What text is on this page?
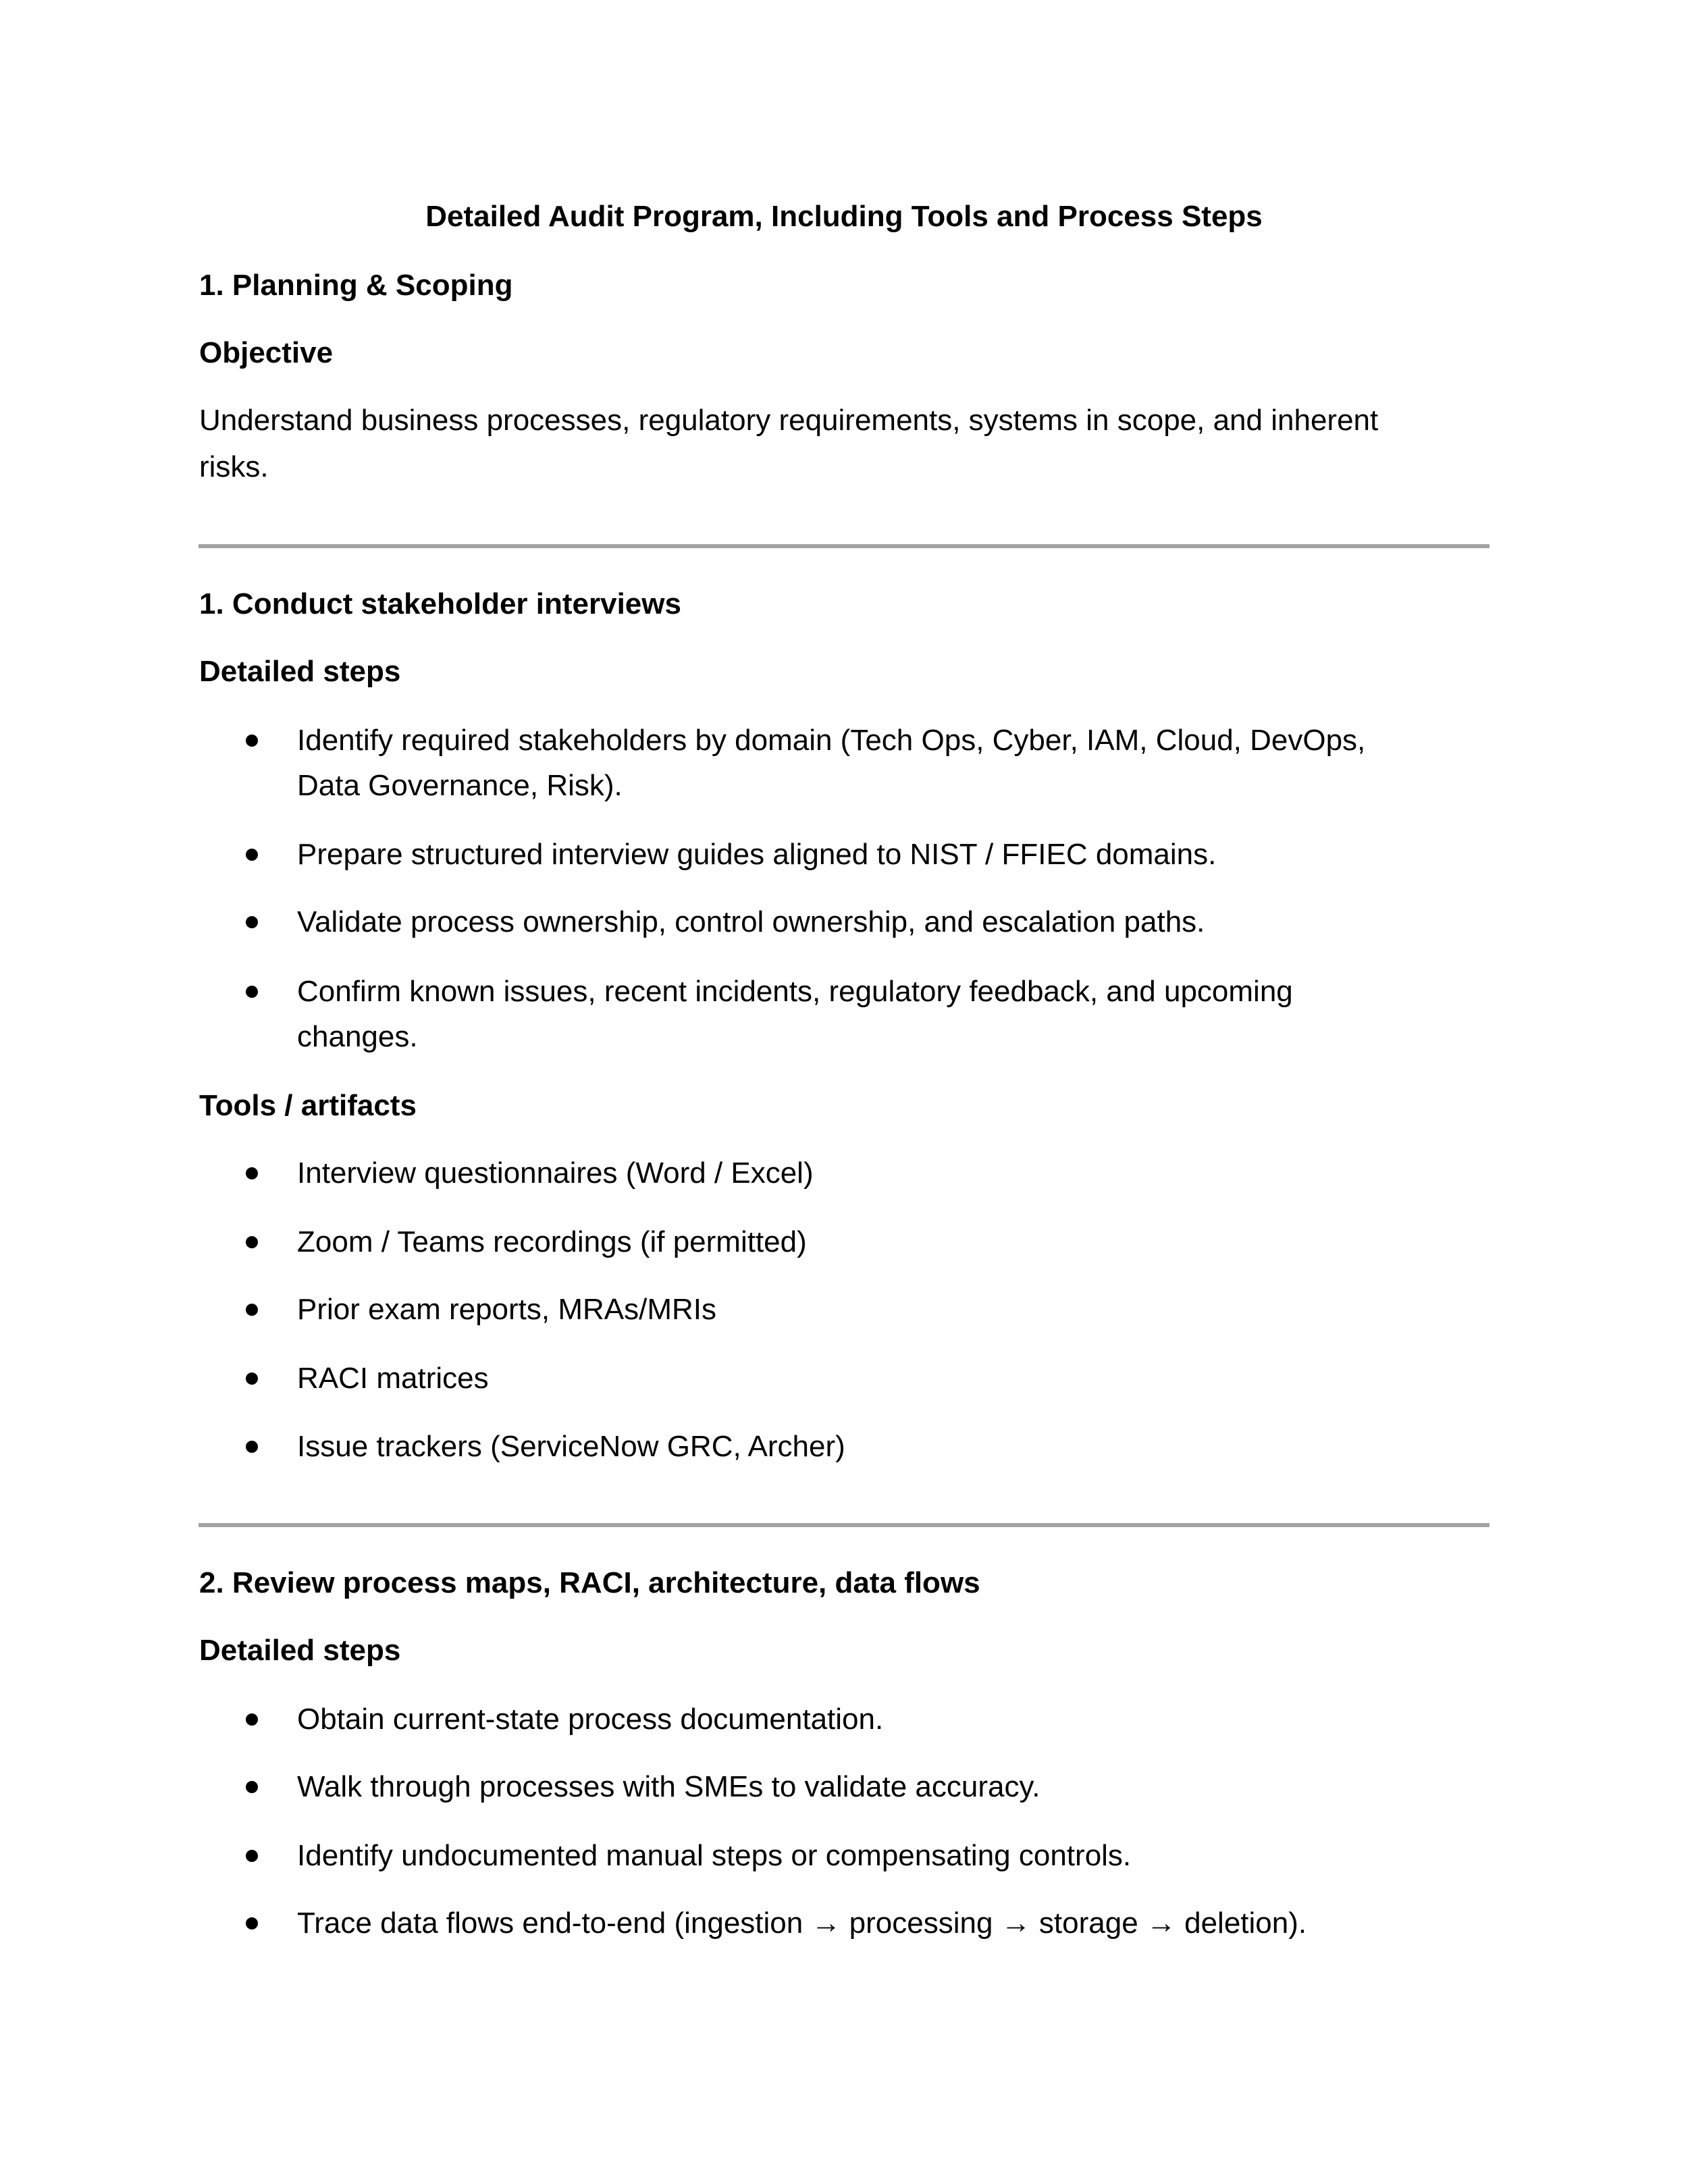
Detailed Audit Program, Including Tools and Process Steps
1. Planning & Scoping
Objective
Understand business processes, regulatory requirements, systems in scope, and inherent
risks.
1. Conduct stakeholder interviews
Detailed steps
Identify required stakeholders by domain (Tech Ops, Cyber, IAM, Cloud, DevOps,
Data Governance, Risk).
Prepare structured interview guides aligned to NIST / FFIEC domains.
Validate process ownership, control ownership, and escalation paths.
Confirm known issues, recent incidents, regulatory feedback, and upcoming
changes.
Tools / artifacts
Interview questionnaires (Word / Excel)
Zoom / Teams recordings (if permitted)
Prior exam reports, MRAs/MRIs
RACI matrices
Issue trackers (ServiceNow GRC, Archer)
2. Review process maps, RACI, architecture, data flows
Detailed steps
Obtain current-state process documentation.
Walk through processes with SMEs to validate accuracy.
Identify undocumented manual steps or compensating controls.
Trace data flows end-to-end (ingestion → processing → storage → deletion).
